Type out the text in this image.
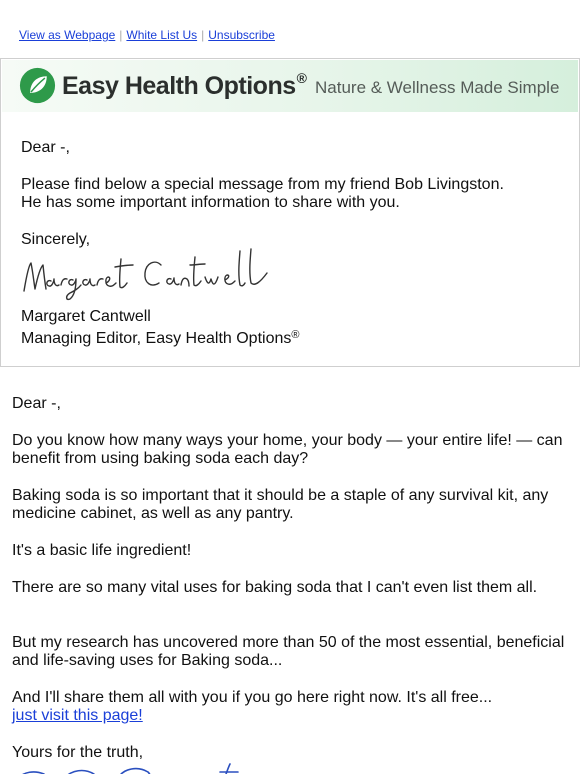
View as Webpage | White List Us | Unsubscribe
Easy Health Options® Nature & Wellness Made Simple
Dear -,
Please find below a special message from my friend Bob Livingston.
He has some important information to share with you.
Sincerely,
Margaret Cantwell
Managing Editor, Easy Health Options®
Dear -,
Do you know how many ways your home, your body — your entire life! — can benefit from using baking soda each day?
Baking soda is so important that it should be a staple of any survival kit, any medicine cabinet, as well as any pantry.
It's a basic life ingredient!
There are so many vital uses for baking soda that I can't even list them all.
But my research has uncovered more than 50 of the most essential, beneficial and life-saving uses for Baking soda...
And I'll share them all with you if you go here right now. It's all free...
just visit this page!
Yours for the truth,
